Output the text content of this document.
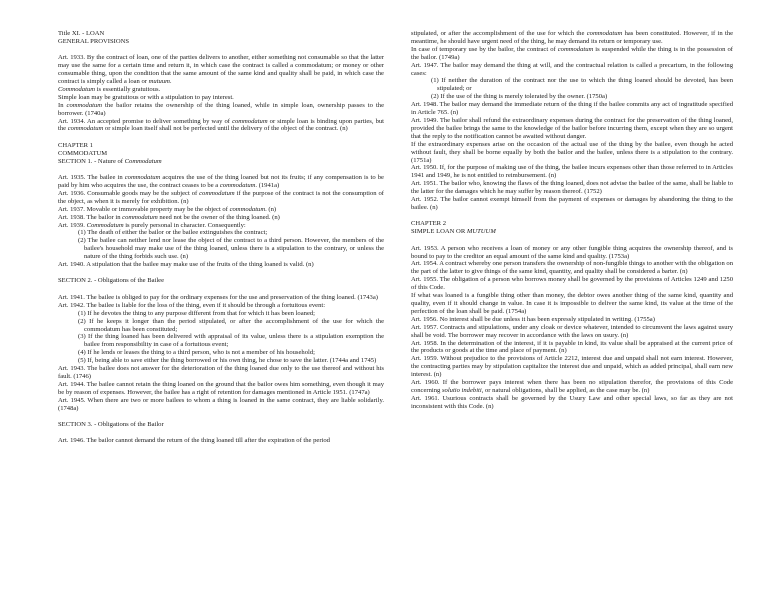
Title XI. - LOAN
GENERAL PROVISIONS

Art. 1933. By the contract of loan, one of the parties delivers to another, either something not consumable so that the latter may use the same for a certain time and return it, in which case the contract is called a commodatum; or money or other consumable thing, upon the condition that the same amount of the same kind and quality shall be paid, in which case the contract is simply called a loan or mutuum.

Commodatum is essentially gratuitous.

Simple loan may be gratuitous or with a stipulation to pay interest.

In commodatum the bailor retains the ownership of the thing loaned, while in simple loan, ownership passes to the borrower. (1740a)

Art. 1934. An accepted promise to deliver something by way of commodatum or simple loan is binding upon parties, but the commodatum or simple loan itself shall not be perfected until the delivery of the object of the contract. (n)

CHAPTER 1
COMMODATUM
SECTION 1. - Nature of Commodatum

Art. 1935. The bailee in commodatum acquires the use of the thing loaned but not its fruits; if any compensation is to be paid by him who acquires the use, the contract ceases to be a commodatum. (1941a)

Art. 1936. Consumable goods may be the subject of commodatum if the purpose of the contract is not the consumption of the object, as when it is merely for exhibition. (n)

Art. 1937. Movable or immovable property may be the object of commodatum. (n)

Art. 1938. The bailor in commodatum need not be the owner of the thing loaned. (n)

Art. 1939. Commodatum is purely personal in character. Consequently:

(1) The death of either the bailor or the bailee extinguishes the contract;

(2) The bailee can neither lend nor lease the object of the contract to a third person. However, the members of the bailee's household may make use of the thing loaned, unless there is a stipulation to the contrary, or unless the nature of the thing forbids such use. (n)

Art. 1940. A stipulation that the bailee may make use of the fruits of the thing loaned is valid. (n)

SECTION 2. - Obligations of the Bailee

Art. 1941. The bailee is obliged to pay for the ordinary expenses for the use and preservation of the thing loaned. (1743a)

Art. 1942. The bailee is liable for the loss of the thing, even if it should be through a fortuitous event:

(1) If he devotes the thing to any purpose different from that for which it has been loaned;

(2) If he keeps it longer than the period stipulated, or after the accomplishment of the use for which the commodatum has been constituted;

(3) If the thing loaned has been delivered with appraisal of its value, unless there is a stipulation exemption the bailee from responsibility in case of a fortuitous event;

(4) If he lends or leases the thing to a third person, who is not a member of his household;

(5) If, being able to save either the thing borrowed or his own thing, he chose to save the latter. (1744a and 1745)

Art. 1943. The bailee does not answer for the deterioration of the thing loaned due only to the use thereof and without his fault. (1746)

Art. 1944. The bailee cannot retain the thing loaned on the ground that the bailor owes him something, even though it may be by reason of expenses. However, the bailee has a right of retention for damages mentioned in Article 1951. (1747a)

Art. 1945. When there are two or more bailees to whom a thing is loaned in the same contract, they are liable solidarily. (1748a)

SECTION 3. - Obligations of the Bailor

Art. 1946. The bailor cannot demand the return of the thing loaned till after the expiration of the period

stipulated, or after the accomplishment of the use for which the commodatum has been constituted. However, if in the meantime, he should have urgent need of the thing, he may demand its return or temporary use.

In case of temporary use by the bailor, the contract of commodatum is suspended while the thing is in the possession of the bailor. (1749a)

Art. 1947. The bailor may demand the thing at will, and the contractual relation is called a precarium, in the following cases:

(1) If neither the duration of the contract nor the use to which the thing loaned should be devoted, has been stipulated; or

(2) If the use of the thing is merely tolerated by the owner. (1750a)

Art. 1948. The bailor may demand the immediate return of the thing if the bailee commits any act of ingratitude specified in Article 765. (n)

Art. 1949. The bailor shall refund the extraordinary expenses during the contract for the preservation of the thing loaned, provided the bailee brings the same to the knowledge of the bailor before incurring them, except when they are so urgent that the reply to the notification cannot be awaited without danger.

If the extraordinary expenses arise on the occasion of the actual use of the thing by the bailee, even though he acted without fault, they shall be borne equally by both the bailor and the bailee, unless there is a stipulation to the contrary. (1751a)

Art. 1950. If, for the purpose of making use of the thing, the bailee incurs expenses other than those referred to in Articles 1941 and 1949, he is not entitled to reimbursement. (n)

Art. 1951. The bailor who, knowing the flaws of the thing loaned, does not advise the bailee of the same, shall be liable to the latter for the damages which he may suffer by reason thereof. (1752)

Art. 1952. The bailor cannot exempt himself from the payment of expenses or damages by abandoning the thing to the bailee. (n)

CHAPTER 2
SIMPLE LOAN OR MUTUUM

Art. 1953. A person who receives a loan of money or any other fungible thing acquires the ownership thereof, and is bound to pay to the creditor an equal amount of the same kind and quality. (1753a)

Art. 1954. A contract whereby one person transfers the ownership of non-fungible things to another with the obligation on the part of the latter to give things of the same kind, quantity, and quality shall be considered a barter. (n)

Art. 1955. The obligation of a person who borrows money shall be governed by the provisions of Articles 1249 and 1250 of this Code.

If what was loaned is a fungible thing other than money, the debtor owes another thing of the same kind, quantity and quality, even if it should change in value. In case it is impossible to deliver the same kind, its value at the time of the perfection of the loan shall be paid. (1754a)

Art. 1956. No interest shall be due unless it has been expressly stipulated in writing. (1755a)

Art. 1957. Contracts and stipulations, under any cloak or device whatever, intended to circumvent the laws against usury shall be void. The borrower may recover in accordance with the laws on usury. (n)

Art. 1958. In the determination of the interest, if it is payable in kind, its value shall be appraised at the current price of the products or goods at the time and place of payment. (n)

Art. 1959. Without prejudice to the provisions of Article 2212, interest due and unpaid shall not earn interest. However, the contracting parties may by stipulation capitalize the interest due and unpaid, which as added principal, shall earn new interest. (n)

Art. 1960. If the borrower pays interest when there has been no stipulation therefor, the provisions of this Code concerning solutio indebiti, or natural obligations, shall be applied, as the case may be. (n)

Art. 1961. Usurious contracts shall be governed by the Usury Law and other special laws, so far as they are not inconsistent with this Code. (n)
